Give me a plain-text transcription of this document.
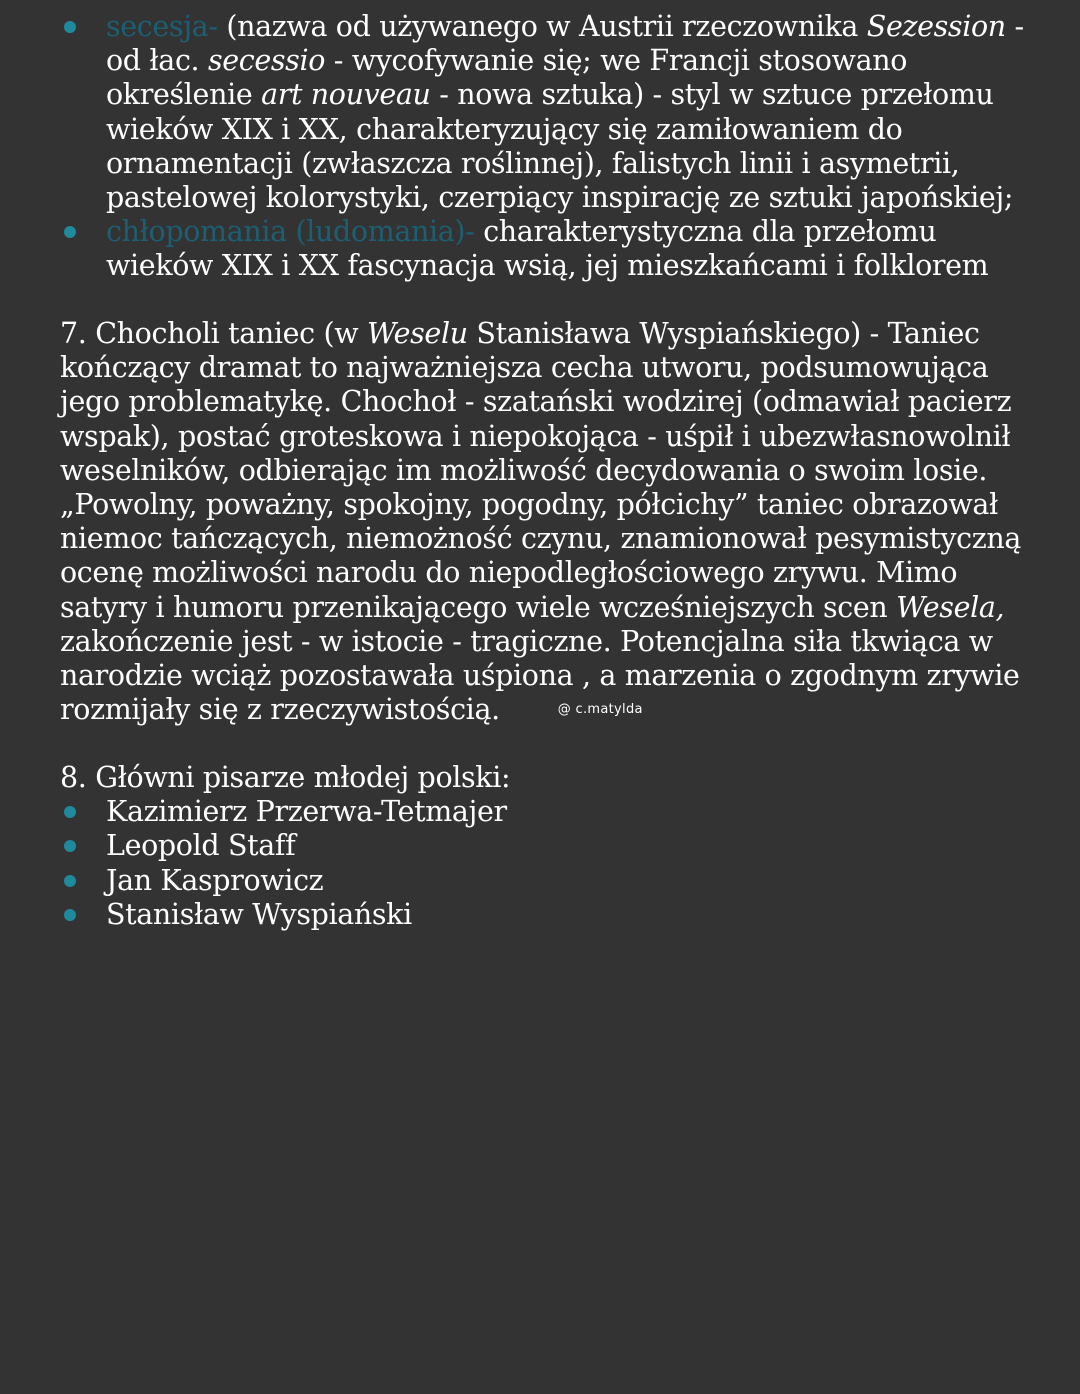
secesja- (nazwa od używanego w Austrii rzeczownika Sezession - od łac. secessio - wycofywanie się; we Francji stosowano określenie art nouveau - nowa sztuka) - styl w sztuce przełomu wieków XIX i XX, charakteryzujący się zamiłowaniem do ornamentacji (zwłaszcza roślinnej), falistych linii i asymetrii, pastelowej kolorystyki, czerpiący inspirację ze sztuki japońskiej;
chłopomania (ludomania)- charakterystyczna dla przełomu wieków XIX i XX fascynacja wsią, jej mieszkańcami i folklorem

7. Chocholi taniec (w Weselu Stanisława Wyspiańskiego) - Taniec kończący dramat to najważniejsza cecha utworu, podsumowująca jego problematykę. Chochoł - szatański wodzirej (odmawiał pacierz wspak), postać groteskowa i niepokojąca - uśpił i ubezwłasnowolnił weselników, odbierając im możliwość decydowania o swoim losie. „Powolny, poważny, spokojny, pogodny, półcichy” taniec obrazował niemoc tańczących, niemożność czynu, znamionował pesymistyczną ocenę możliwości narodu do niepodległościowego zrywu. Mimo satyry i humoru przenikającego wiele wcześniejszych scen Wesela, zakończenie jest - w istocie - tragiczne. Potencjalna siła tkwiąca w narodzie wciąż pozostawała uśpiona , a marzenia o zgodnym zrywie rozmijały się z rzeczywistością.	$^{@ c.matylda}$

8. Główni pisarze młodej polski:

Kazimierz Przerwa-Tetmajer
Leopold Staff
Jan Kasprowicz
Stanisław Wyspiański
